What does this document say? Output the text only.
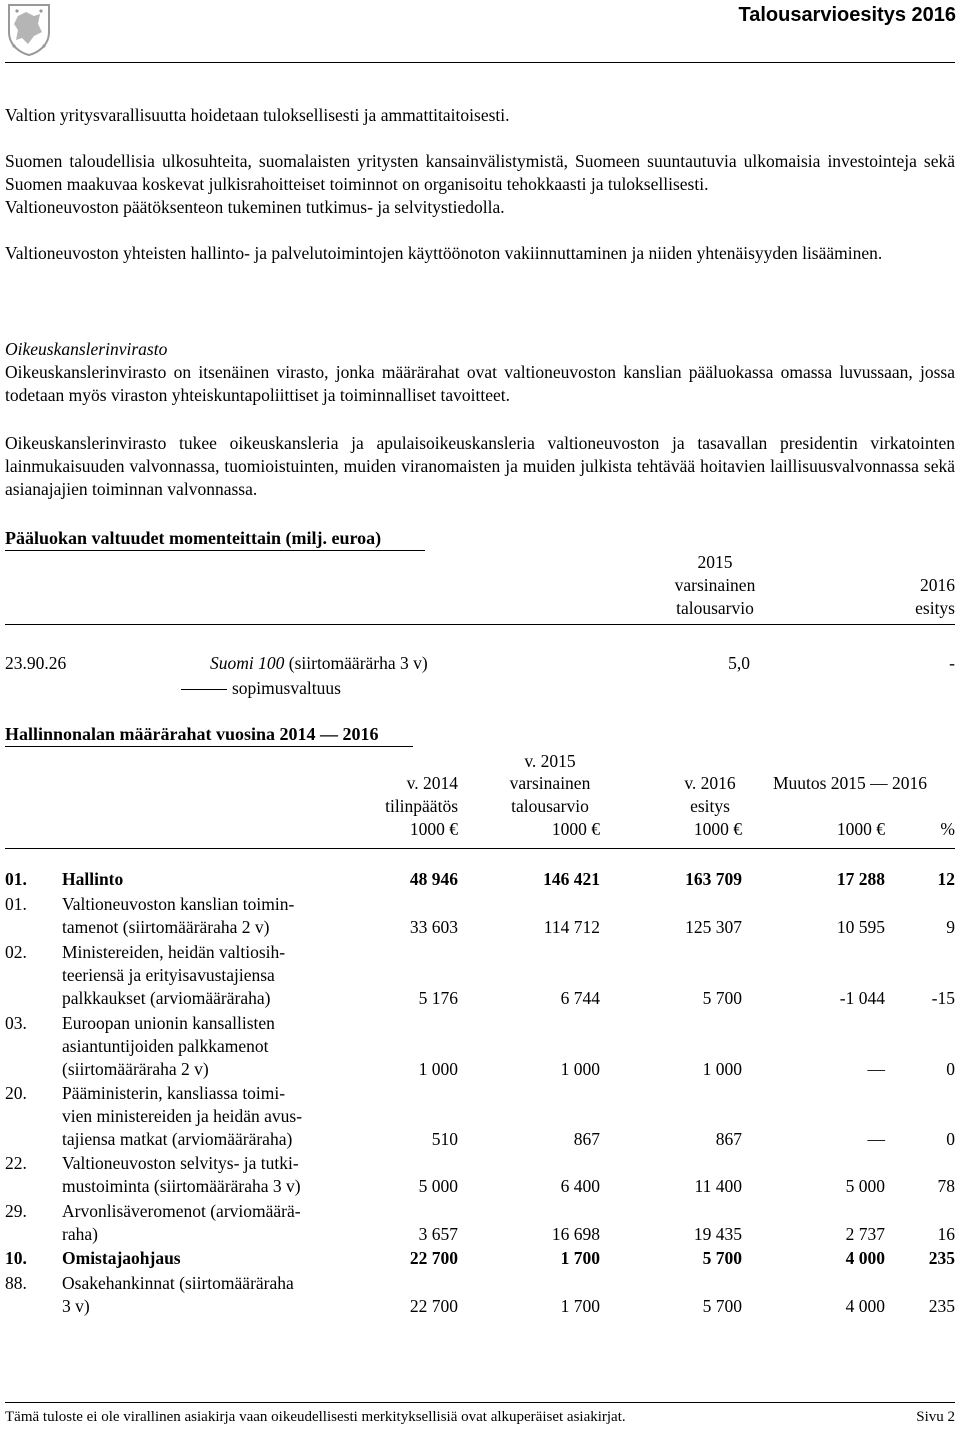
Talousarvioesitys 2016

Valtion yritysvarallisuutta hoidetaan tuloksellisesti ja ammattitaitoisesti.

Suomen taloudellisia ulkosuhteita, suomalaisten yritysten kansainvälistymistä, Suomeen suuntautuvia ulkomaisia investointeja sekä Suomen maakuvaa koskevat julkisrahoitteiset toiminnot on organisoitu tehokkaasti ja tuloksellisesti.

Valtioneuvoston päätöksenteon tukeminen tutkimus- ja selvitystiedolla.

Valtioneuvoston yhteisten hallinto- ja palvelutoimintojen käyttöönoton vakiinnuttaminen ja niiden yhtenäisyyden lisääminen.

Oikeuskanslerinvirasto

Oikeuskanslerinvirasto on itsenäinen virasto, jonka määrärahat ovat valtioneuvoston kanslian pääluokassa omassa luvussaan, jossa todetaan myös viraston yhteiskuntapoliittiset ja toiminnalliset tavoitteet.

Oikeuskanslerinvirasto tukee oikeuskansleria ja apulaisoikeuskansleria valtioneuvoston ja tasavallan presidentin virkatointen lainmukaisuuden valvonnassa, tuomioistuinten, muiden viranomaisten ja muiden julkista tehtävää hoitavien laillisuusvalvonnassa sekä asianajajien toiminnan valvonnassa.

Pääluokan valtuudet momenteittain (milj. euroa)
2015
varsinainen
talousarvio
2016
esitys
23.90.26	Suomi 100 (siirtomäärärha 3 v)	5,0	-
sopimusvaltuus
Hallinnonalan määrärahat vuosina 2014 — 2016
v. 2014
tilinpäätös
1000 €
v. 2015
varsinainen
talousarvio
1000 €
v. 2016
esitys
1000 €
Muutos 2015 — 2016
1000 €	%
01. Hallinto	48 946	146 421	163 709	17 288	12
01. Valtioneuvoston kanslian toimin-
tamenot (siirtomääräraha 2 v)	33 603	114 712	125 307	10 595	9
02. Ministereiden, heidän valtiosih-
teeriensä ja erityisavustajiensa
palkkaukset (arviomääräraha)	5 176	6 744	5 700	-1 044	-15
03. Euroopan unionin kansallisten
asiantuntijoiden palkkamenot
(siirtomääräraha 2 v)	1 000	1 000	1 000	—	0
20. Pääministerin, kansliassa toimi-
vien ministereiden ja heidän avus-
tajiensa matkat (arviomääräraha)	510	867	867	—	0
22. Valtioneuvoston selvitys- ja tutki-
mustoiminta (siirtomääräraha 3 v)	5 000	6 400	11 400	5 000	78
29. Arvonlisäveromenot (arviomäärä-
raha)	3 657	16 698	19 435	2 737	16
10. Omistajaohjaus	22 700	1 700	5 700	4 000	235
88. Osakehankinnat (siirtomääräraha
3 v)	22 700	1 700	5 700	4 000	235
Tämä tuloste ei ole virallinen asiakirja vaan oikeudellisesti merkityksellisiä ovat alkuperäiset asiakirjat.	Sivu 2
